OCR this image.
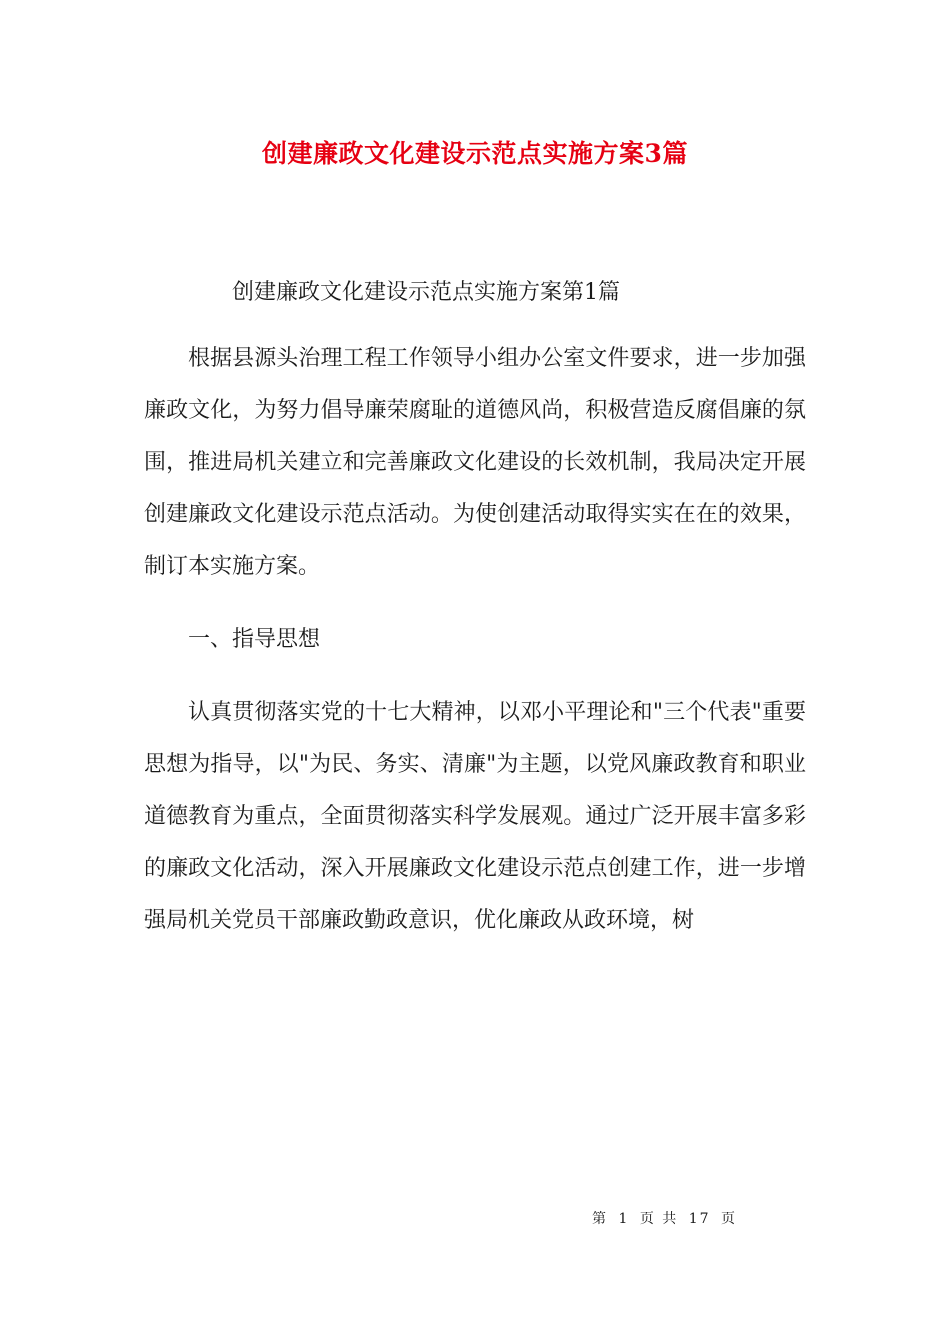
创建廉政文化建设示范点实施方案3篇

创建廉政文化建设示范点实施方案第1篇

根据县源头治理工程工作领导小组办公室文件要求，进一步加强廉政文化，为努力倡导廉荣腐耻的道德风尚，积极营造反腐倡廉的氛围，推进局机关建立和完善廉政文化建设的长效机制，我局决定开展创建廉政文化建设示范点活动。为使创建活动取得实实在在的效果，制订本实施方案。

一、指导思想

认真贯彻落实党的十七大精神，以邓小平理论和"三个代表"重要思想为指导，以"为民、务实、清廉"为主题，以党风廉政教育和职业道德教育为重点，全面贯彻落实科学发展观。通过广泛开展丰富多彩的廉政文化活动，深入开展廉政文化建设示范点创建工作，进一步增强局机关党员干部廉政勤政意识，优化廉政从政环境，树

第 1 页 共 17 页
